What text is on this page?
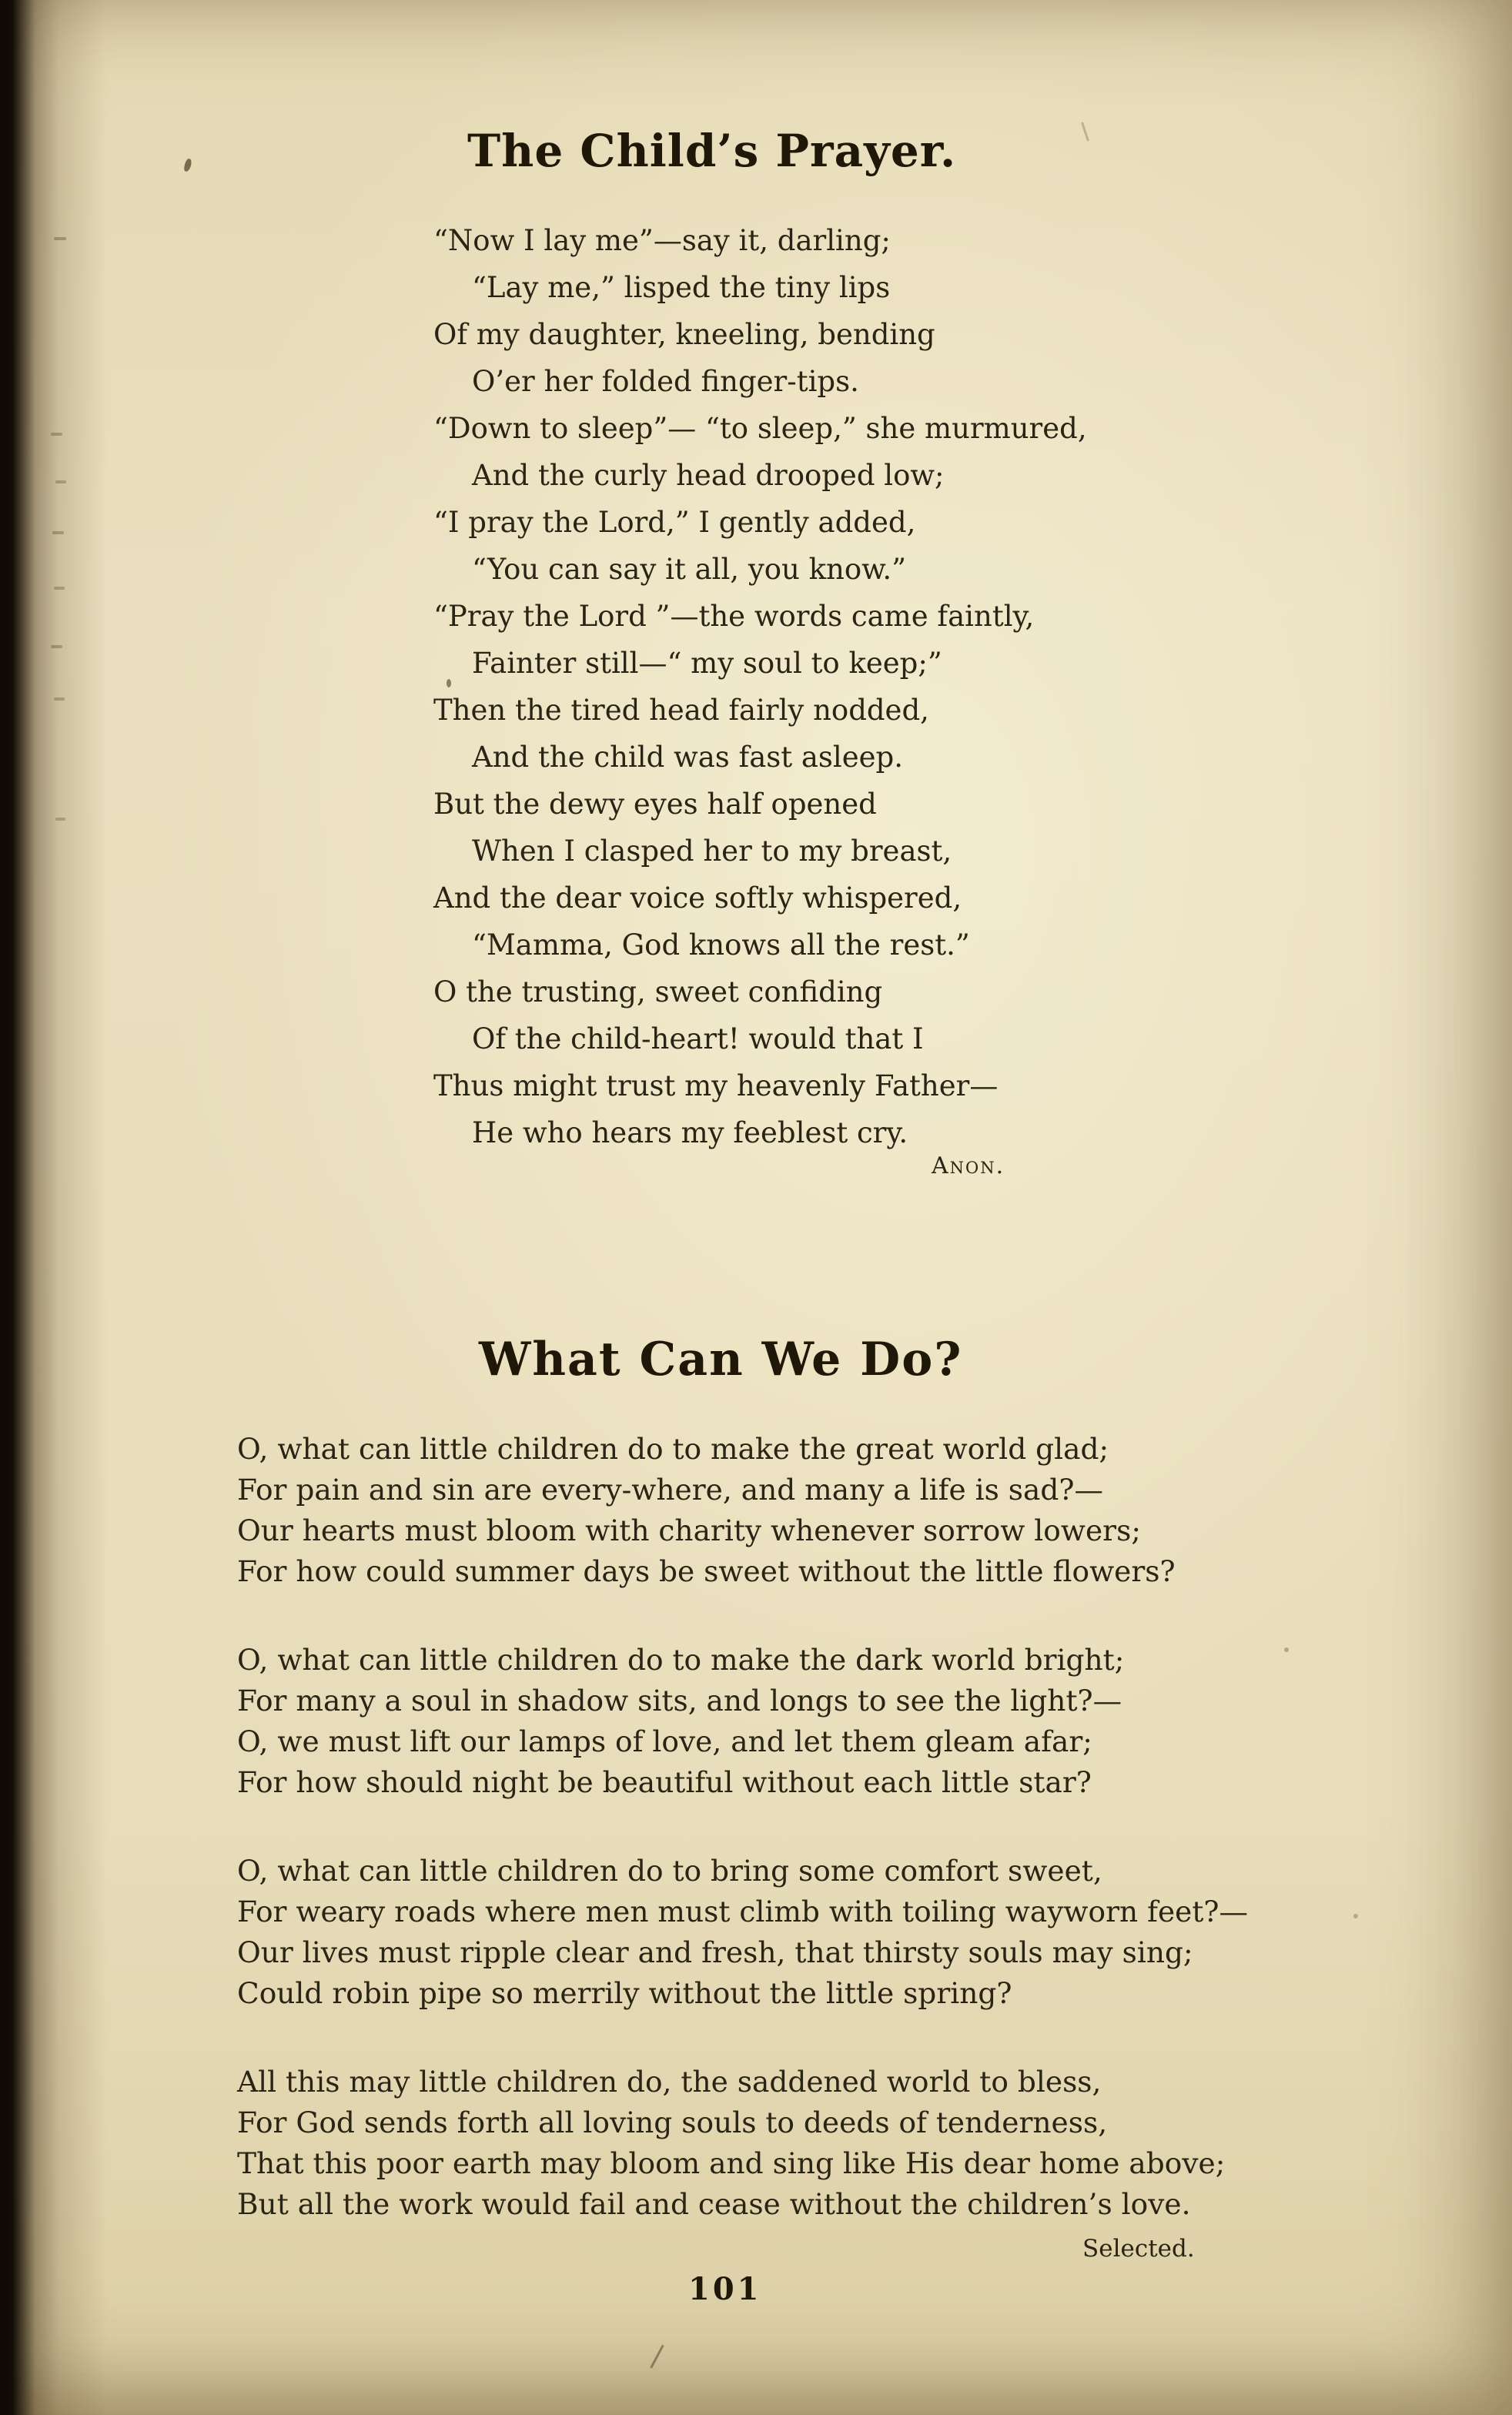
The Child’s Prayer.

“Now I lay me”—say it, darling;

“Lay me,” lisped the tiny lips

Of my daughter, kneeling, bending

O’er her folded finger-tips.

“Down to sleep”— “to sleep,” she murmured,

And the curly head drooped low;

“I pray the Lord,” I gently added,

“You can say it all, you know.”

“Pray the Lord ”—the words came faintly,

Fainter still—“ my soul to keep;”

Then the tired head fairly nodded,

And the child was fast asleep.

But the dewy eyes half opened

When I clasped her to my breast,

And the dear voice softly whispered,

“Mamma, God knows all the rest.”

O the trusting, sweet confiding

Of the child-heart! would that I

Thus might trust my heavenly Father—

He who hears my feeblest cry.

Anon.
What Can We Do?

O, what can little children do to make the great world glad;

For pain and sin are every-where, and many a life is sad?—

Our hearts must bloom with charity whenever sorrow lowers;

For how could summer days be sweet without the little flowers?

O, what can little children do to make the dark world bright;

For many a soul in shadow sits, and longs to see the light?—

O, we must lift our lamps of love, and let them gleam afar;

For how should night be beautiful without each little star?

O, what can little children do to bring some comfort sweet,

For weary roads where men must climb with toiling wayworn feet?—

Our lives must ripple clear and fresh, that thirsty souls may sing;

Could robin pipe so merrily without the little spring?

All this may little children do, the saddened world to bless,

For God sends forth all loving souls to deeds of tenderness,

That this poor earth may bloom and sing like His dear home above;

But all the work would fail and cease without the children’s love.

Selected.
101
